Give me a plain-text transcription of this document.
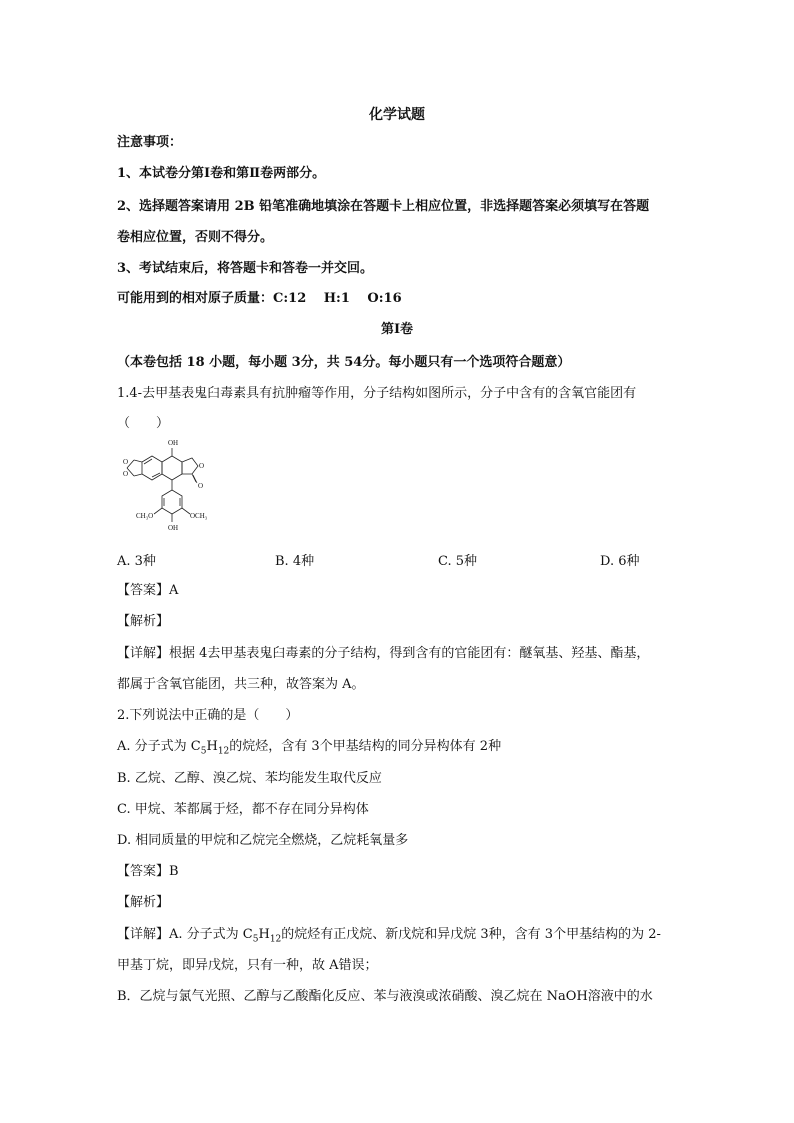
化学试题
注意事项：
1、本试卷分第Ⅰ卷和第Ⅱ卷两部分。
2、选择题答案请用 2B 铅笔准确地填涂在答题卡上相应位置，非选择题答案必须填写在答题
卷相应位置，否则不得分。
3、考试结束后，将答题卡和答卷一并交回。
可能用到的相对原子质量：C:12　 H:1　 O:16
第Ⅰ卷
（本卷包括 18 小题，每小题 3分，共 54分。每小题只有一个选项符合题意）
1.4-去甲基表鬼臼毒素具有抗肿瘤等作用，分子结构如图所示，分子中含有的含氧官能团有
（　　）
OH
O
O
O
O
CH₃O	OCH₃
OH
A. 3种	B. 4种	C. 5种	D. 6种
【答案】A
【解析】
【详解】根据 4去甲基表鬼臼毒素的分子结构，得到含有的官能团有：醚氧基、羟基、酯基，
都属于含氧官能团，共三种，故答案为 A。
2.下列说法中正确的是（　　）
A. 分子式为 $C_5H_{12}$的烷烃，含有 3个甲基结构的同分异构体有 2种
B. 乙烷、乙醇、溴乙烷、苯均能发生取代反应
C. 甲烷、苯都属于烃，都不存在同分异构体
D. 相同质量的甲烷和乙烷完全燃烧，乙烷耗氧量多
【答案】B
【解析】
【详解】A. 分子式为 $C_5H_{12}$的烷烃有正戊烷、新戊烷和异戊烷 3种，含有 3个甲基结构的为 2-
甲基丁烷，即异戊烷，只有一种，故 A错误；
B．乙烷与氯气光照、乙醇与乙酸酯化反应、苯与液溴或浓硝酸、溴乙烷在 NaOH溶液中的水
